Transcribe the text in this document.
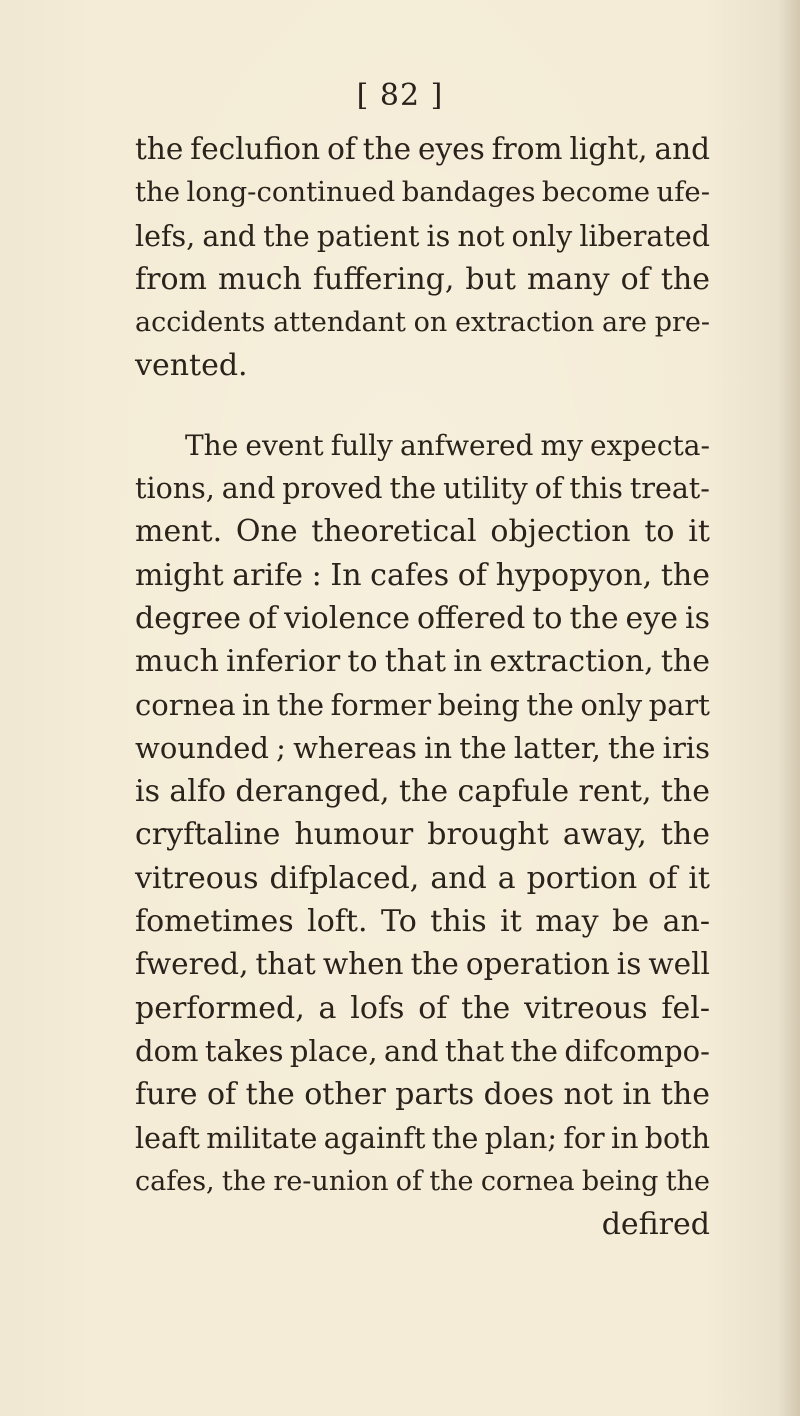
[ 82 ]
the feclufion of the eyes from light, and
the long-continued bandages become ufe-
lefs, and the patient is not only liberated
from much fuffering, but many of the
accidents attendant on extraction are pre-
vented.
The event fully anfwered my expecta-
tions, and proved the utility of this treat-
ment. One theoretical objection to it
might arife : In cafes of hypopyon, the
degree of violence offered to the eye is
much inferior to that in extraction, the
cornea in the former being the only part
wounded ; whereas in the latter, the iris
is alfo deranged, the capfule rent, the
cryftaline humour brought away, the
vitreous difplaced, and a portion of it
fometimes loft. To this it may be an-
fwered, that when the operation is well
performed, a lofs of the vitreous fel-
dom takes place, and that the difcompo-
fure of the other parts does not in the
leaft militate againft the plan; for in both
cafes, the re-union of the cornea being the
defired
